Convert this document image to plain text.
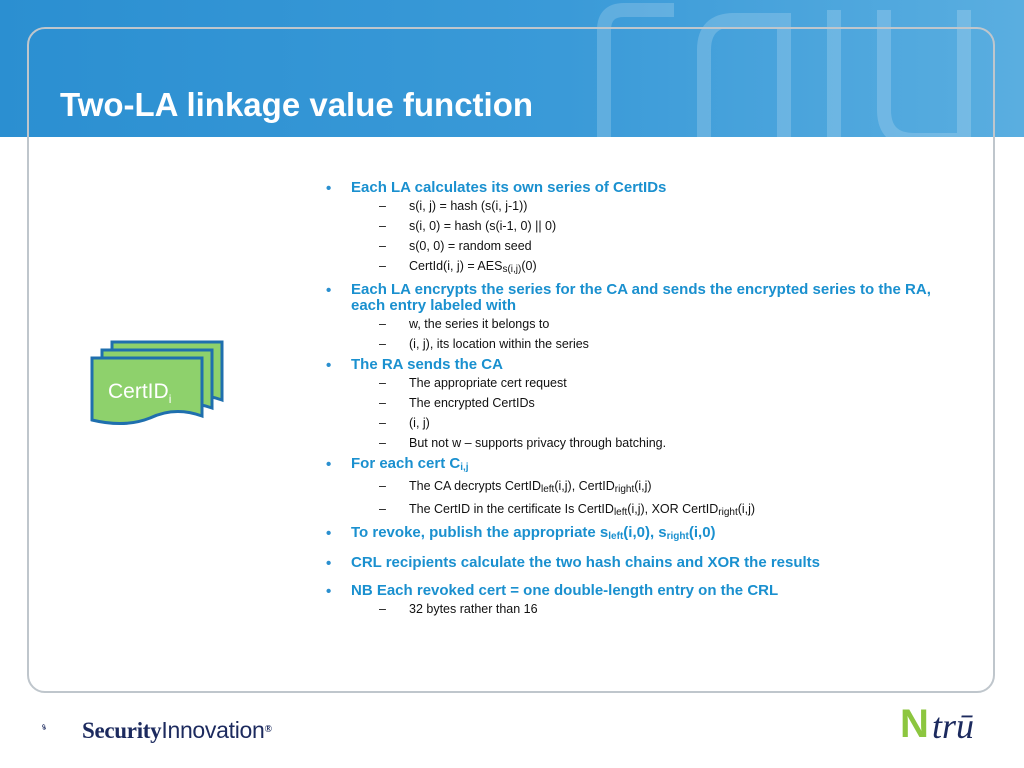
Two-LA linkage value function
CertID$_i$
• Each LA calculates its own series of CertIDs
– s(i, j) = hash (s(i, j-1))
– s(i, 0) = hash (s(i-1, 0) || 0)
– s(0, 0) = random seed
– CertId(i, $j) = AES_{s(i,j)}(0)$
• Each LA encrypts the series for the CA and sends the encrypted series to the RA, each entry labeled with
– w, the series it belongs to
– (i, j), its location within the series
• The RA sends the CA
– The appropriate cert request
– The encrypted CertIDs
– (i, j)
– But not w – supports privacy through batching.
• For each cert $C_{i,j}$
– The CA decrypts CertID$_{left}$(i,j), CertID$_{right}$(i,j)
– The CertID in the certificate Is CertID$_{left}$(i,j), XOR CertID$_{right}$(i,j)
• To revoke, publish the appropriate $s_{left}(i,0)$, $s_{right}(i,0)$
• CRL recipients calculate the two hash chains and XOR the results
• NB Each revoked cert = one double-length entry on the CRL
– 32 bytes rather than 16
SecurityInnovation®	N trū
